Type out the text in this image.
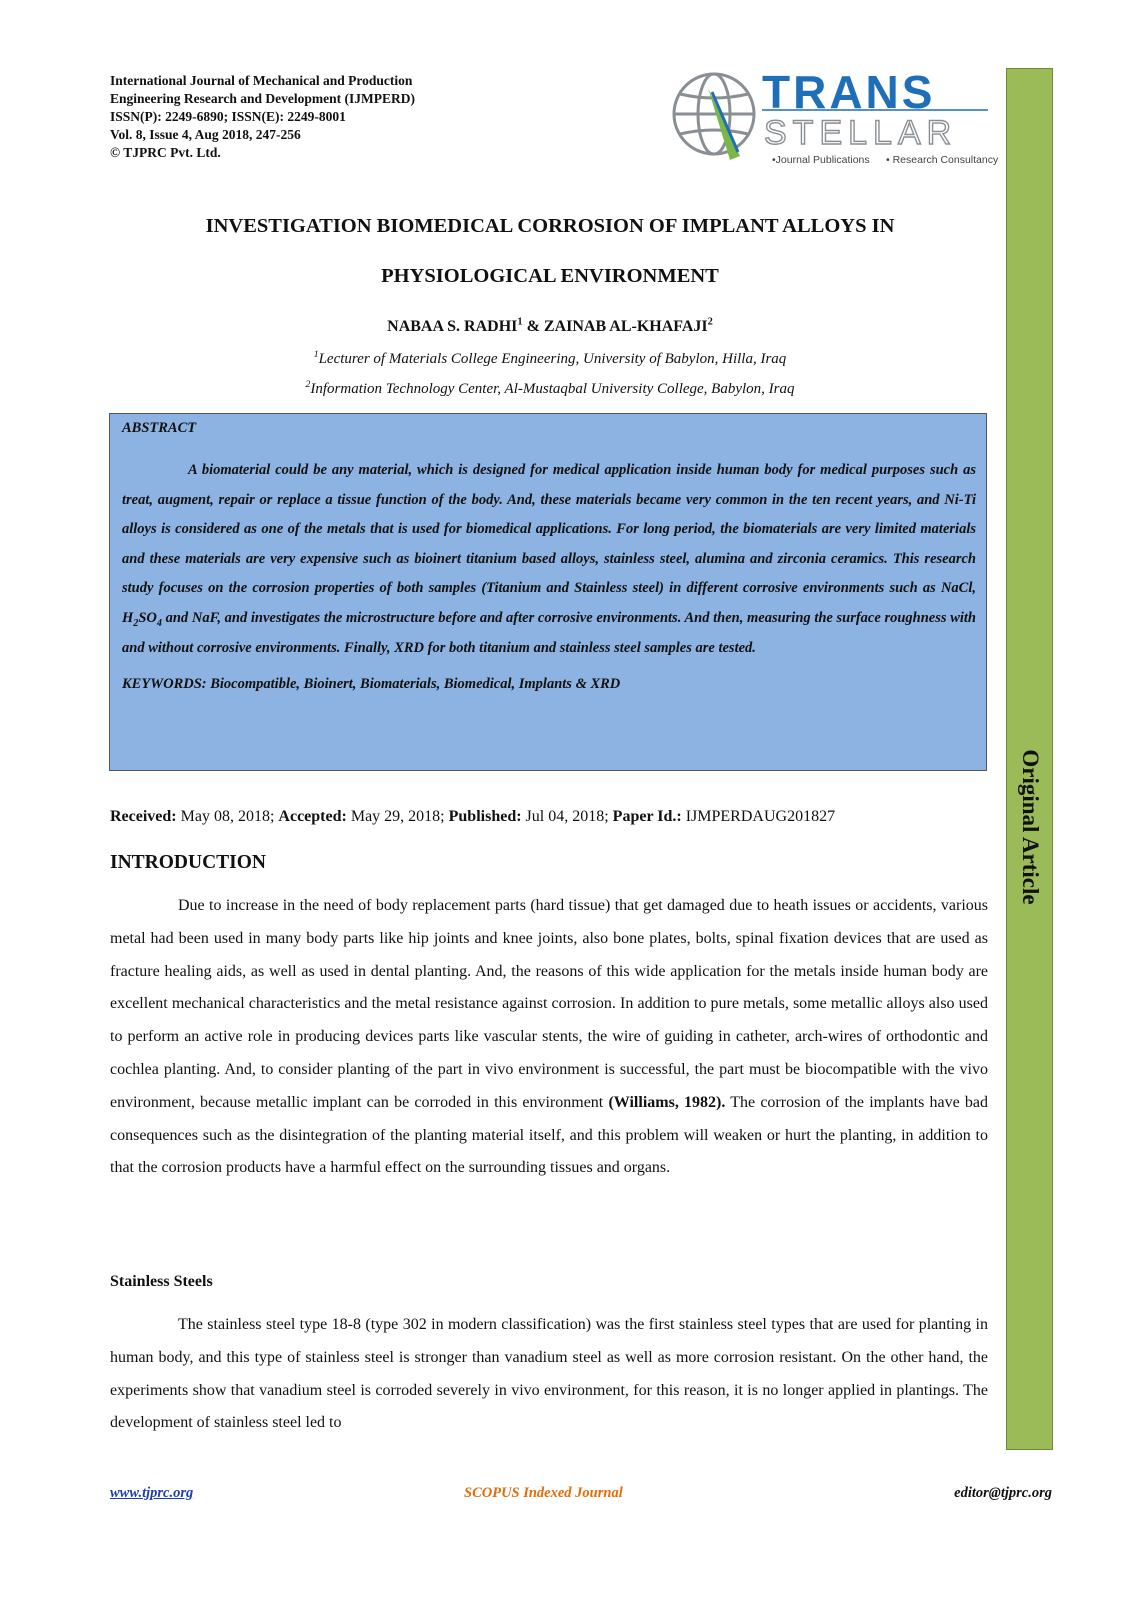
International Journal of Mechanical and Production
Engineering Research and Development (IJMPERD)
ISSN(P): 2249-6890; ISSN(E): 2249-8001
Vol. 8, Issue 4, Aug 2018, 247-256
© TJPRC Pvt. Ltd.
TRANS
STELLAR
•Journal Publications • Research Consultancy
Original Article
INVESTIGATION BIOMEDICAL CORROSION OF IMPLANT ALLOYS IN
PHYSIOLOGICAL ENVIRONMENT
NABAA S. RADHI$^1$ & ZAINAB AL-KHAFAJI$^2$
$^1$Lecturer of Materials College Engineering, University of Babylon, Hilla, Iraq
$^2$Information Technology Center, Al-Mustaqbal University College, Babylon, Iraq
ABSTRACT
A biomaterial could be any material, which is designed for medical application inside human body for medical purposes such as treat, augment, repair or replace a tissue function of the body. And, these materials became very common in the ten recent years, and Ni-Ti alloys is considered as one of the metals that is used for biomedical applications. For long period, the biomaterials are very limited materials and these materials are very expensive such as bioinert titanium based alloys, stainless steel, alumina and zirconia ceramics. This research study focuses on the corrosion properties of both samples (Titanium and Stainless steel) in different corrosive environments such as NaCl, $H_2SO_4$ and NaF, and investigates the microstructure before and after corrosive environments. And then, measuring the surface roughness with and without corrosive environments. Finally, XRD for both titanium and stainless steel samples are tested.
KEYWORDS: Biocompatible, Bioinert, Biomaterials, Biomedical, Implants & XRD
Received: May 08, 2018; Accepted: May 29, 2018; Published: Jul 04, 2018; Paper Id.: IJMPERDAUG201827
INTRODUCTION

Due to increase in the need of body replacement parts (hard tissue) that get damaged due to heath issues or accidents, various metal had been used in many body parts like hip joints and knee joints, also bone plates, bolts, spinal fixation devices that are used as fracture healing aids, as well as used in dental planting. And, the reasons of this wide application for the metals inside human body are excellent mechanical characteristics and the metal resistance against corrosion. In addition to pure metals, some metallic alloys also used to perform an active role in producing devices parts like vascular stents, the wire of guiding in catheter, arch-wires of orthodontic and cochlea planting. And, to consider planting of the part in vivo environment is successful, the part must be biocompatible with the vivo environment, because metallic implant can be corroded in this environment (Williams, 1982). The corrosion of the implants have bad consequences such as the disintegration of the planting material itself, and this problem will weaken or hurt the planting, in addition to that the corrosion products have a harmful effect on the surrounding tissues and organs.

Stainless Steels

The stainless steel type 18-8 (type 302 in modern classification) was the first stainless steel types that are used for planting in human body, and this type of stainless steel is stronger than vanadium steel as well as more corrosion resistant. On the other hand, the experiments show that vanadium steel is corroded severely in vivo environment, for this reason, it is no longer applied in plantings. The development of stainless steel led to

www.tjprc.org	SCOPUS Indexed Journal	editor@tjprc.org
